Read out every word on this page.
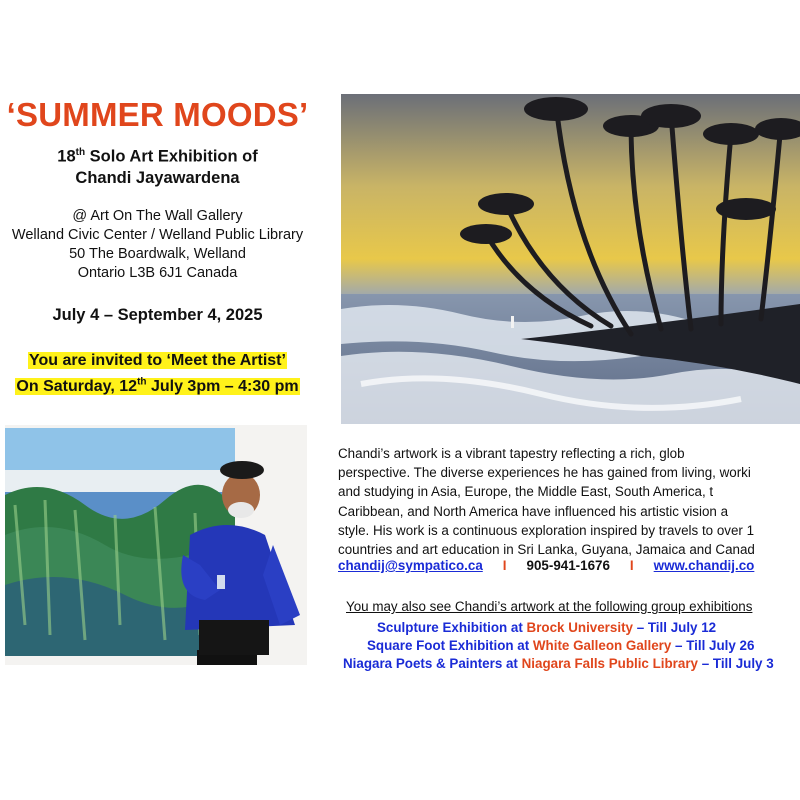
‘SUMMER MOODS’
18th Solo Art Exhibition of
Chandi Jayawardena
@ Art On The Wall Gallery
Welland Civic Center / Welland Public Library
50 The Boardwalk, Welland
Ontario L3B 6J1 Canada
July 4 – September 4, 2025
You are invited to ‘Meet the Artist’
On Saturday, 12th July 3pm – 4:30 pm
Chandi’s artwork is a vibrant tapestry reflecting a rich, glob
perspective. The diverse experiences he has gained from living, worki
and studying in Asia, Europe, the Middle East, South America, t
Caribbean, and North America have influenced his artistic vision a
style. His work is a continuous exploration inspired by travels to over 1
countries and art education in Sri Lanka, Guyana, Jamaica and Canad
chandij@sympatico.ca I 905-941-1676 I www.chandij.co
You may also see Chandi’s artwork at the following group exhibitions
Sculpture Exhibition at Brock University – Till July 12
Square Foot Exhibition at White Galleon Gallery – Till July 26
Niagara Poets & Painters at Niagara Falls Public Library – Till July 3
